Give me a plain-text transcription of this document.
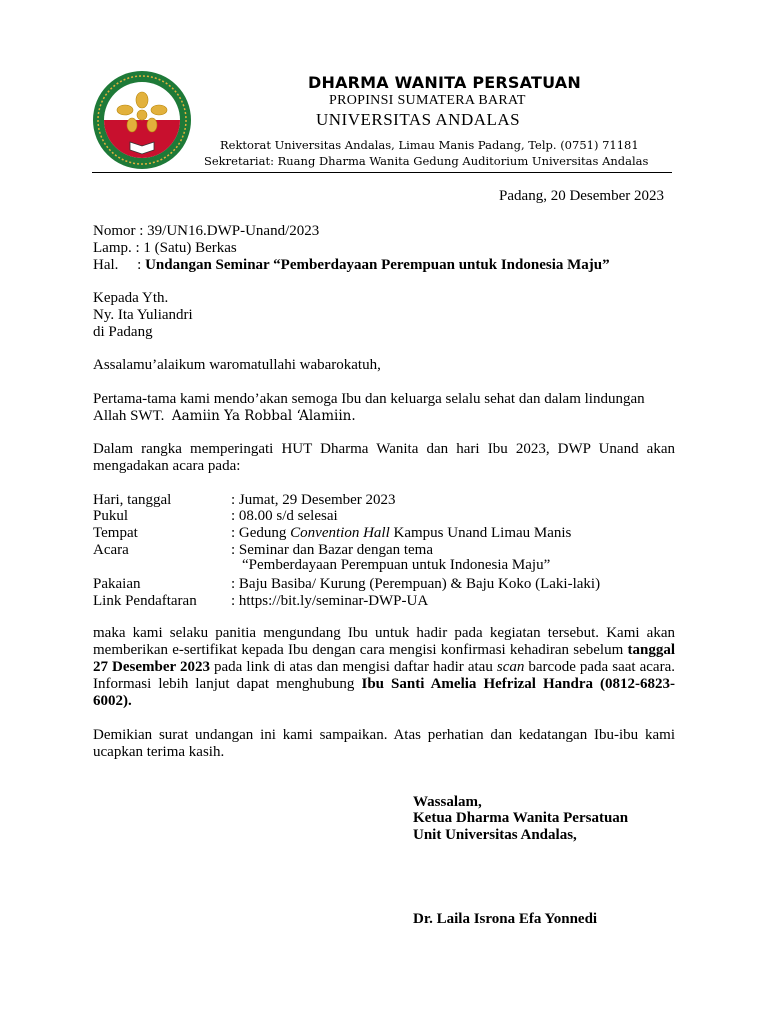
DHARMA WANITA PERSATUAN
PROPINSI SUMATERA BARAT
UNIVERSITAS ANDALAS
Rektorat Universitas Andalas, Limau Manis Padang, Telp. (0751) 71181
Sekretariat: Ruang Dharma Wanita Gedung Auditorium Universitas Andalas
Padang, 20 Desember 2023
Nomor : 39/UN16.DWP-Unand/2023
Lamp. : 1 (Satu) Berkas
Hal.     : Undangan Seminar “Pemberdayaan Perempuan untuk Indonesia Maju”
Kepada Yth.
Ny. Ita Yuliandri
di Padang
Assalamu’alaikum waromatullahi wabarokatuh,
Pertama-tama kami mendo’akan semoga Ibu dan keluarga selalu sehat dan dalam lindungan
Allah SWT. Aamiin Ya Robbal ‘Alamiin.
Dalam rangka memperingati HUT Dharma Wanita dan hari Ibu 2023, DWP Unand akan mengadakan acara pada:
Hari, tanggal	: Jumat, 29 Desember 2023
Pukul	: 08.00 s/d selesai
Tempat	: Gedung Convention Hall Kampus Unand Limau Manis
Acara	: Seminar dan Bazar dengan tema
“Pemberdayaan Perempuan untuk Indonesia Maju”
Pakaian	: Baju Basiba/ Kurung (Perempuan) & Baju Koko (Laki-laki)
Link Pendaftaran : https://bit.ly/seminar-DWP-UA
maka kami selaku panitia mengundang Ibu untuk hadir pada kegiatan tersebut. Kami akan memberikan e-sertifikat kepada Ibu dengan cara mengisi konfirmasi kehadiran sebelum tanggal 27 Desember 2023 pada link di atas dan mengisi daftar hadir atau scan barcode pada saat acara. Informasi lebih lanjut dapat menghubung Ibu Santi Amelia Hefrizal Handra (0812-6823-6002).
Demikian surat undangan ini kami sampaikan. Atas perhatian dan kedatangan Ibu-ibu kami ucapkan terima kasih.
Wassalam,
Ketua Dharma Wanita Persatuan
Unit Universitas Andalas,
Dr. Laila Isrona Efa Yonnedi
